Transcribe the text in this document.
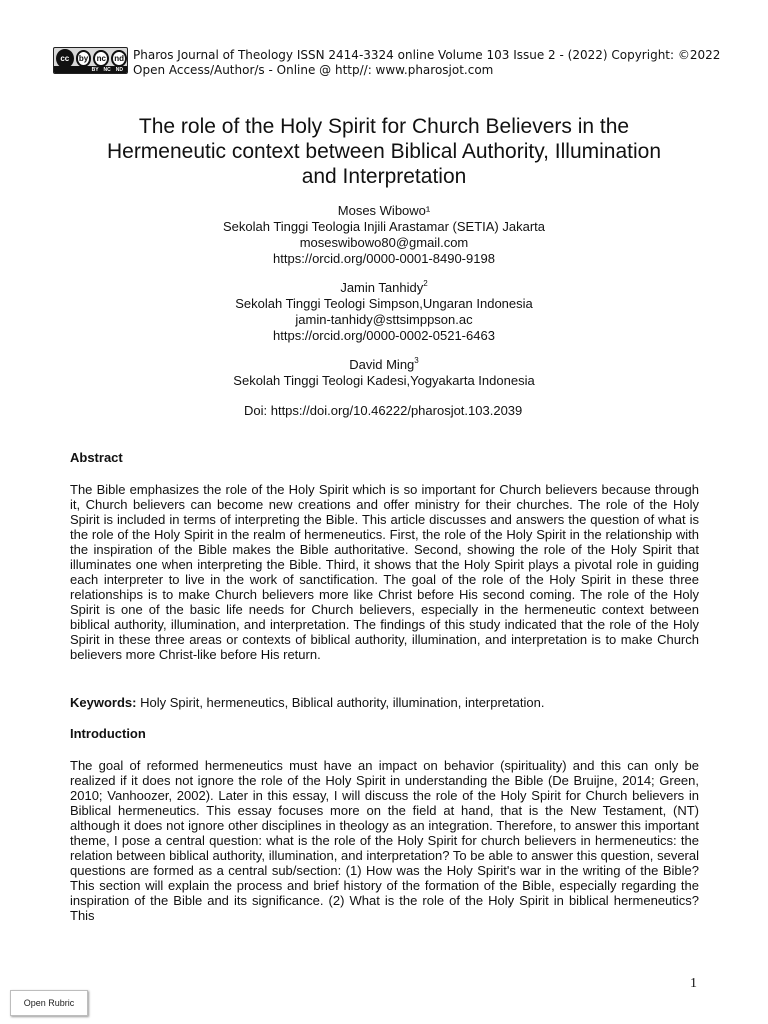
cc	by	nc	nd
BY NC ND
Pharos Journal of Theology ISSN 2414-3324 online Volume 103 Issue 2 - (2022) Copyright: ©2022
Open Access/Author/s - Online @ http//: www.pharosjot.com
The role of the Holy Spirit for Church Believers in the
Hermeneutic context between Biblical Authority, Illumination
and Interpretation
Moses Wibowo¹
Sekolah Tinggi Teologia Injili Arastamar (SETIA) Jakarta
moseswibowo80@gmail.com
https://orcid.org/0000-0001-8490-9198
Jamin Tanhidy$^2$
Sekolah Tinggi Teologi Simpson,Ungaran Indonesia
jamin-tanhidy@sttsimppson.ac
https://orcid.org/0000-0002-0521-6463
David Ming$^3$
Sekolah Tinggi Teologi Kadesi,Yogyakarta Indonesia
Doi: https://doi.org/10.46222/pharosjot.103.2039
Abstract
The Bible emphasizes the role of the Holy Spirit which is so important for Church believers because through it, Church believers can become new creations and offer ministry for their churches. The role of the Holy Spirit is included in terms of interpreting the Bible. This article discusses and answers the question of what is the role of the Holy Spirit in the realm of hermeneutics. First, the role of the Holy Spirit in the relationship with the inspiration of the Bible makes the Bible authoritative. Second, showing the role of the Holy Spirit that illuminates one when interpreting the Bible. Third, it shows that the Holy Spirit plays a pivotal role in guiding each interpreter to live in the work of sanctification. The goal of the role of the Holy Spirit in these three relationships is to make Church believers more like Christ before His second coming. The role of the Holy Spirit is one of the basic life needs for Church believers, especially in the hermeneutic context between biblical authority, illumination, and interpretation. The findings of this study indicated that the role of the Holy Spirit in these three areas or contexts of biblical authority, illumination, and interpretation is to make Church believers more Christ-like before His return.
Keywords: Holy Spirit, hermeneutics, Biblical authority, illumination, interpretation.
Introduction
The goal of reformed hermeneutics must have an impact on behavior (spirituality) and this can only be realized if it does not ignore the role of the Holy Spirit in understanding the Bible (De Bruijne, 2014; Green, 2010; Vanhoozer, 2002). Later in this essay, I will discuss the role of the Holy Spirit for Church believers in Biblical hermeneutics. This essay focuses more on the field at hand, that is the New Testament, (NT) although it does not ignore other disciplines in theology as an integration. Therefore, to answer this important theme, I pose a central question: what is the role of the Holy Spirit for church believers in hermeneutics: the relation between biblical authority, illumination, and interpretation? To be able to answer this question, several questions are formed as a central sub/section: (1) How was the Holy Spirit's war in the writing of the Bible? This section will explain the process and brief history of the formation of the Bible, especially regarding the inspiration of the Bible and its significance. (2) What is the role of the Holy Spirit in biblical hermeneutics? This
1
Open Rubric
